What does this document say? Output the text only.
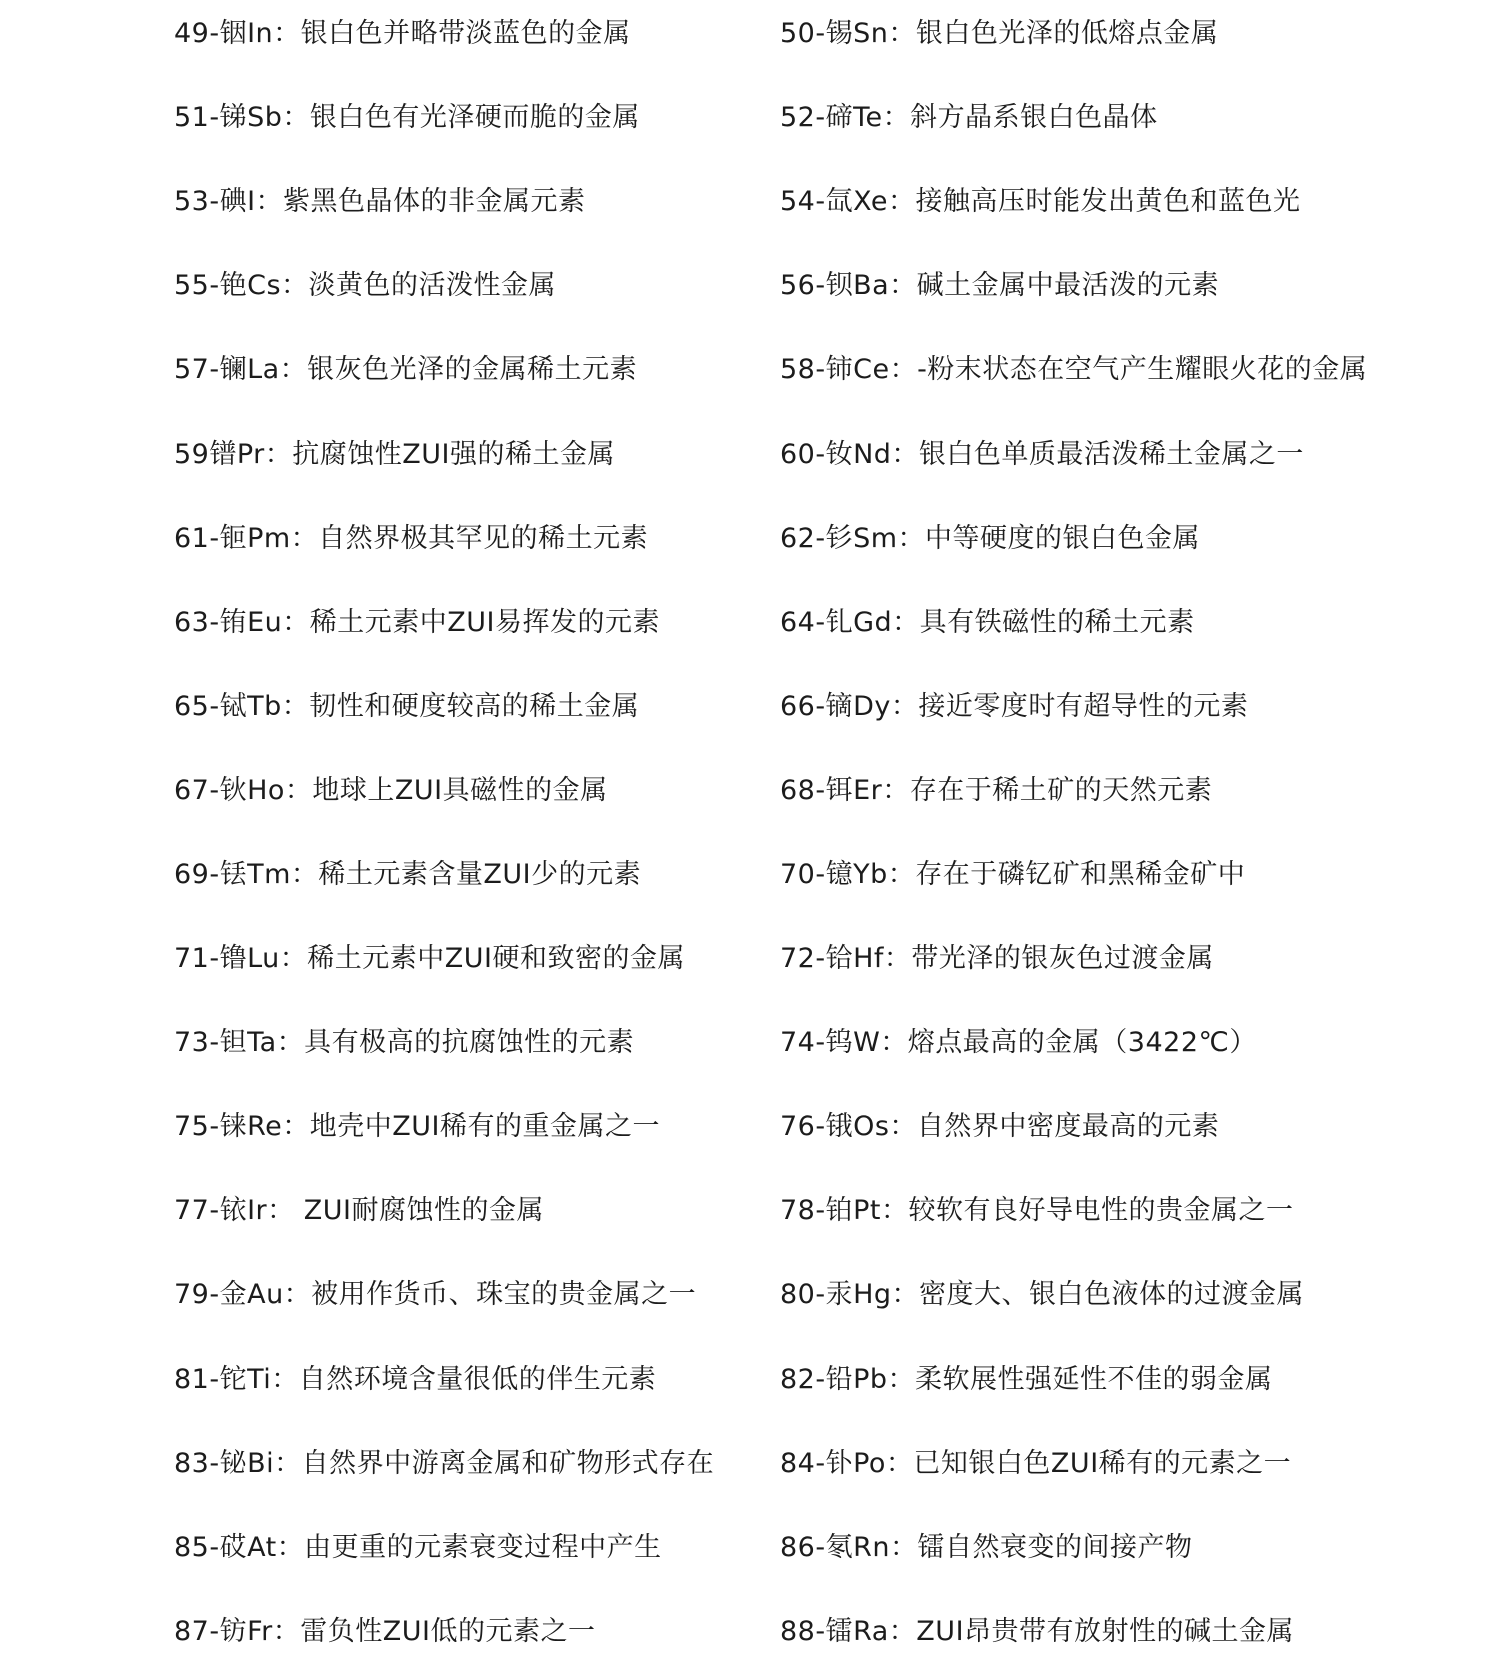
49-铟In：银白色并略带淡蓝色的金属	50-锡Sn：银白色光泽的低熔点金属
51-锑Sb：银白色有光泽硬而脆的金属	52-碲Te：斜方晶系银白色晶体
53-碘I：紫黑色晶体的非金属元素	54-氙Xe：接触高压时能发出黄色和蓝色光
55-铯Cs：淡黄色的活泼性金属	56-钡Ba：碱土金属中最活泼的元素
57-镧La：银灰色光泽的金属稀土元素	58-铈Ce：-粉末状态在空气产生耀眼火花的金属
59镨Pr：抗腐蚀性ZUI强的稀土金属	60-钕Nd：银白色单质最活泼稀土金属之一
61-钷Pm：自然界极其罕见的稀土元素	62-钐Sm：中等硬度的银白色金属
63-铕Eu：稀土元素中ZUI易挥发的元素	64-钆Gd：具有铁磁性的稀土元素
65-铽Tb：韧性和硬度较高的稀土金属	66-镝Dy：接近零度时有超导性的元素
67-钬Ho：地球上ZUI具磁性的金属	68-铒Er：存在于稀土矿的天然元素
69-铥Tm：稀土元素含量ZUI少的元素	70-镱Yb：存在于磷钇矿和黑稀金矿中
71-镥Lu：稀土元素中ZUI硬和致密的金属	72-铪Hf：带光泽的银灰色过渡金属
73-钽Ta：具有极高的抗腐蚀性的元素	74-钨W：熔点最高的金属（3422℃）
75-铼Re：地壳中ZUI稀有的重金属之一	76-锇Os：自然界中密度最高的元素
77-铱Ir： ZUI耐腐蚀性的金属	78-铂Pt：较软有良好导电性的贵金属之一
79-金Au：被用作货币、珠宝的贵金属之一	80-汞Hg：密度大、银白色液体的过渡金属
81-铊Ti：自然环境含量很低的伴生元素	82-铅Pb：柔软展性强延性不佳的弱金属
83-铋Bi：自然界中游离金属和矿物形式存在	84-钋Po：已知银白色ZUI稀有的元素之一
85-砹At：由更重的元素衰变过程中产生	86-氡Rn：镭自然衰变的间接产物
87-钫Fr：雷负性ZUI低的元素之一	88-镭Ra：ZUI昂贵带有放射性的碱土金属
